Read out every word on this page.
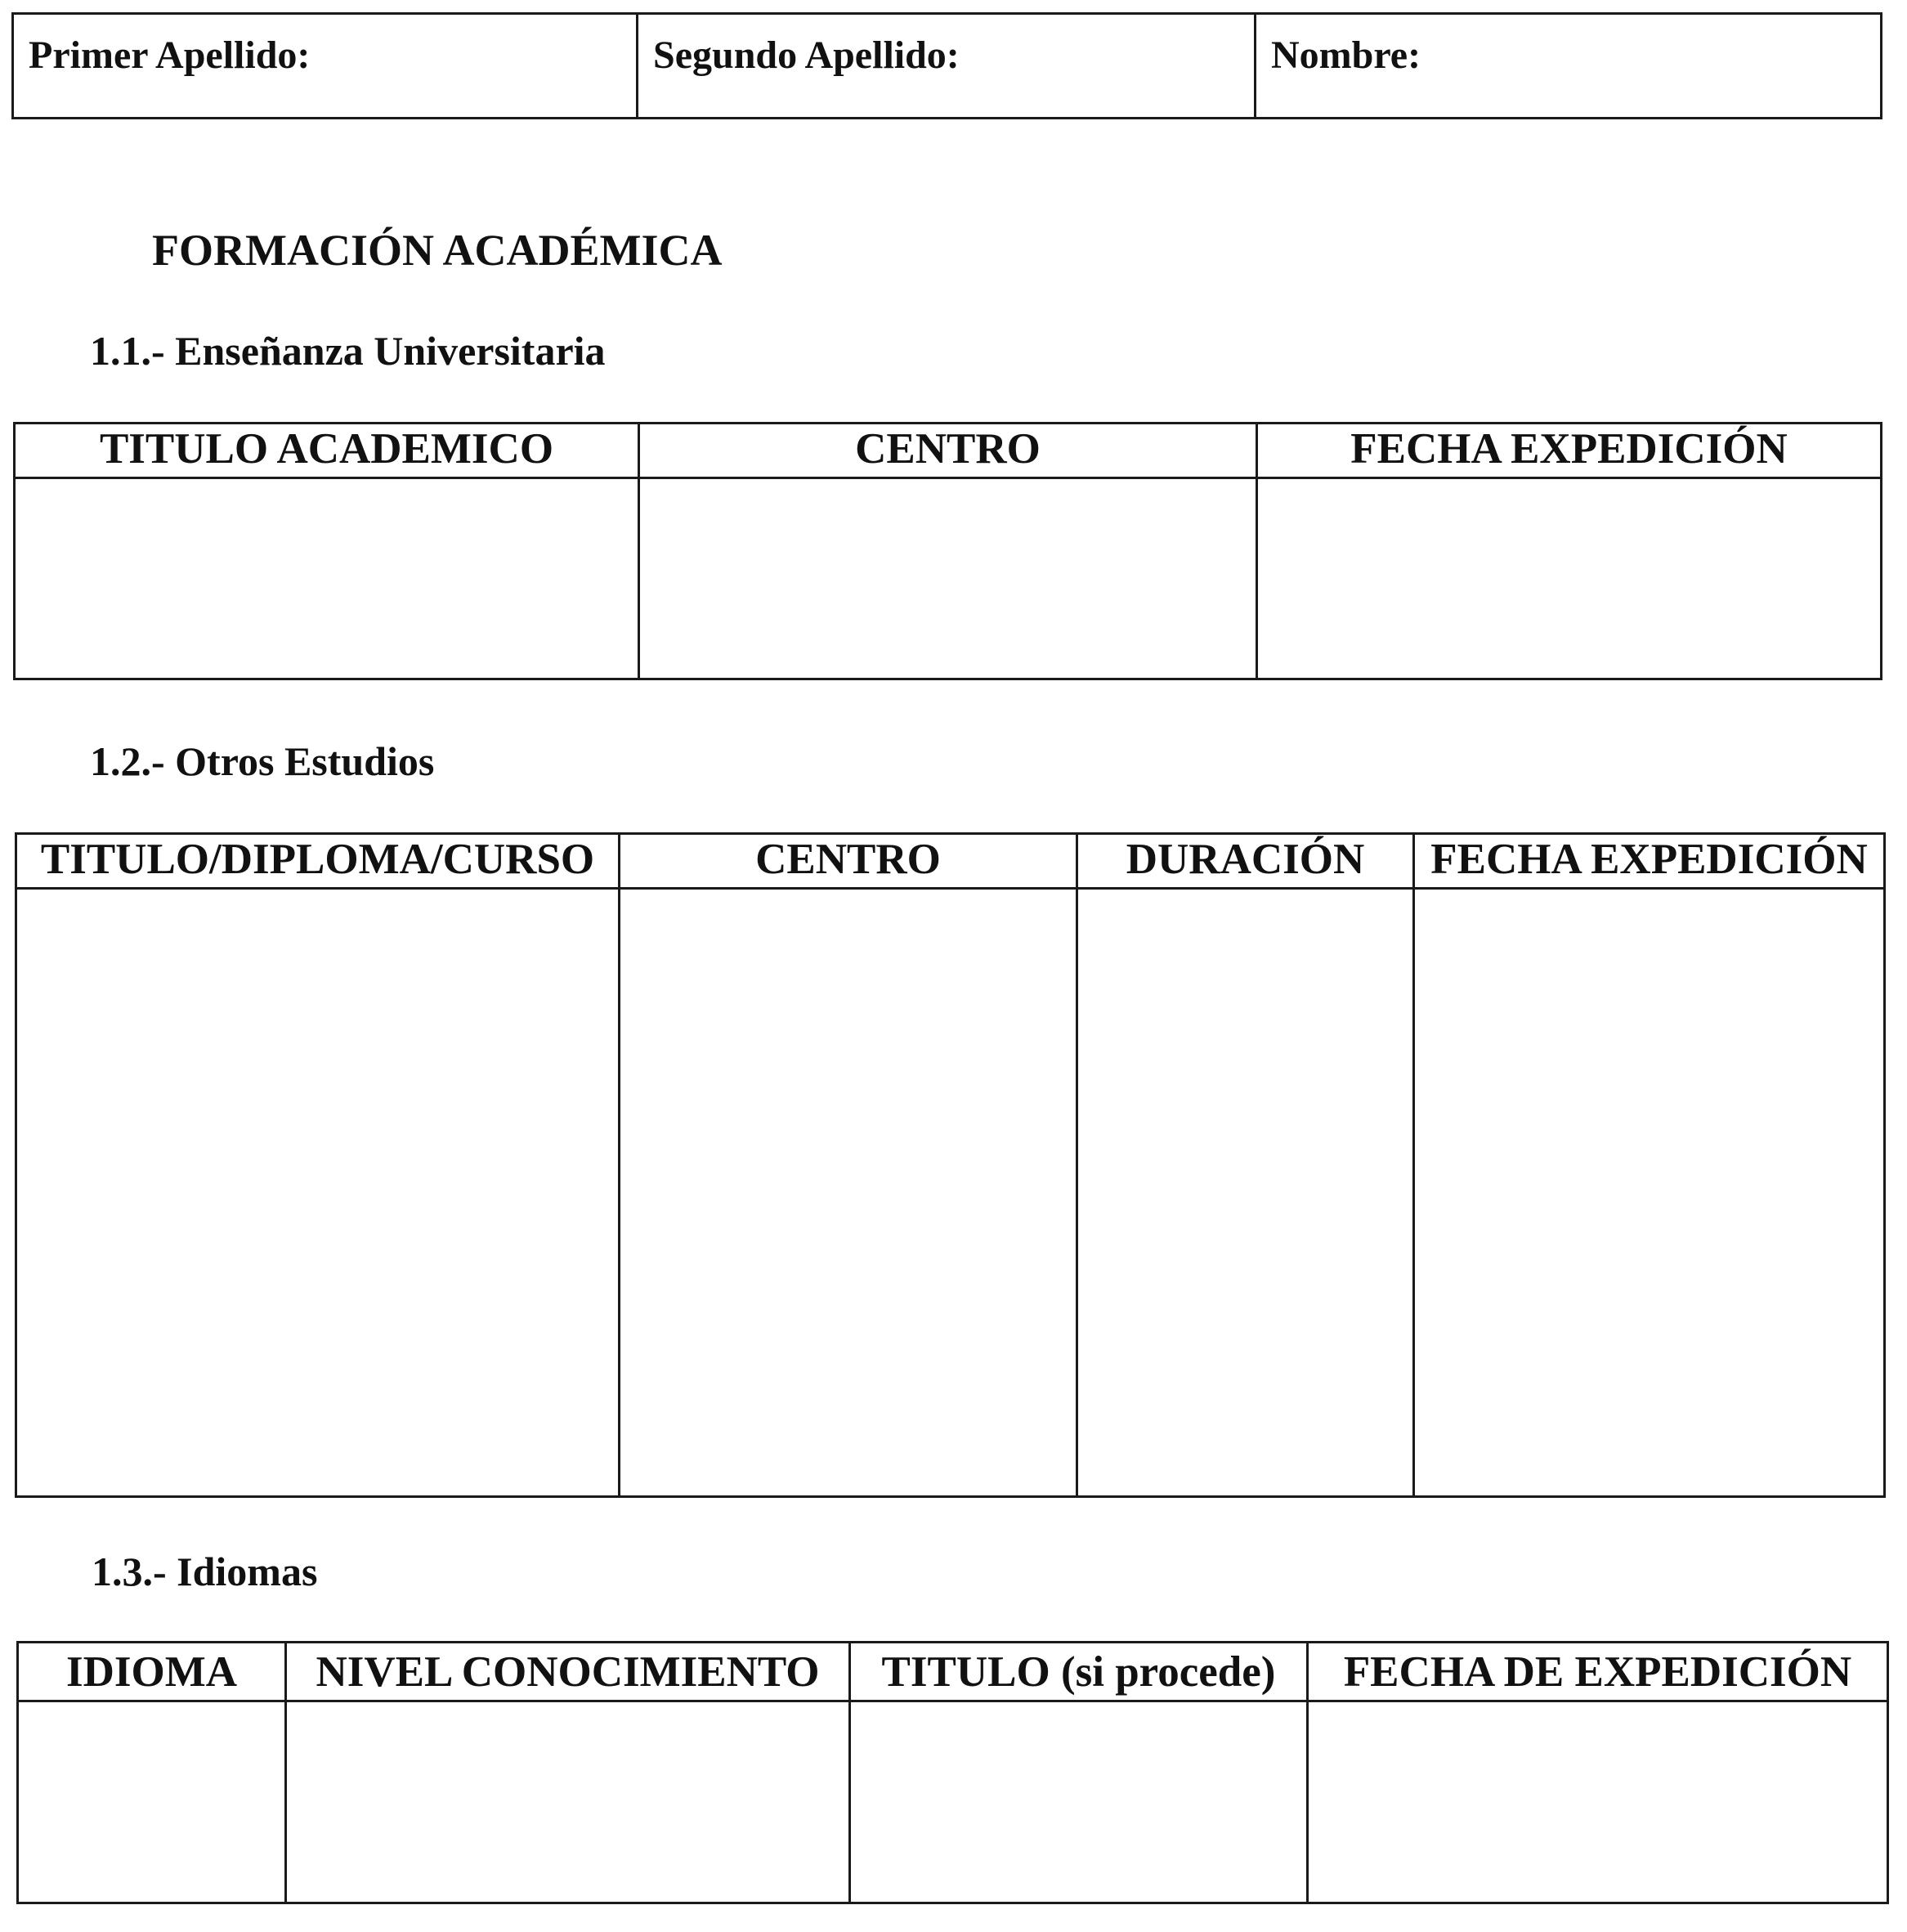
Primer Apellido:	Segundo Apellido:	Nombre:
FORMACIÓN ACADÉMICA
1.1.- Enseñanza Universitaria
TITULO ACADEMICO	CENTRO	FECHA EXPEDICIÓN

1.2.- Otros Estudios
TITULO/DIPLOMA/CURSO	CENTRO	DURACIÓN	FECHA EXPEDICIÓN

1.3.- Idiomas
IDIOMA	NIVEL CONOCIMIENTO	TITULO (si procede)	FECHA DE EXPEDICIÓN
